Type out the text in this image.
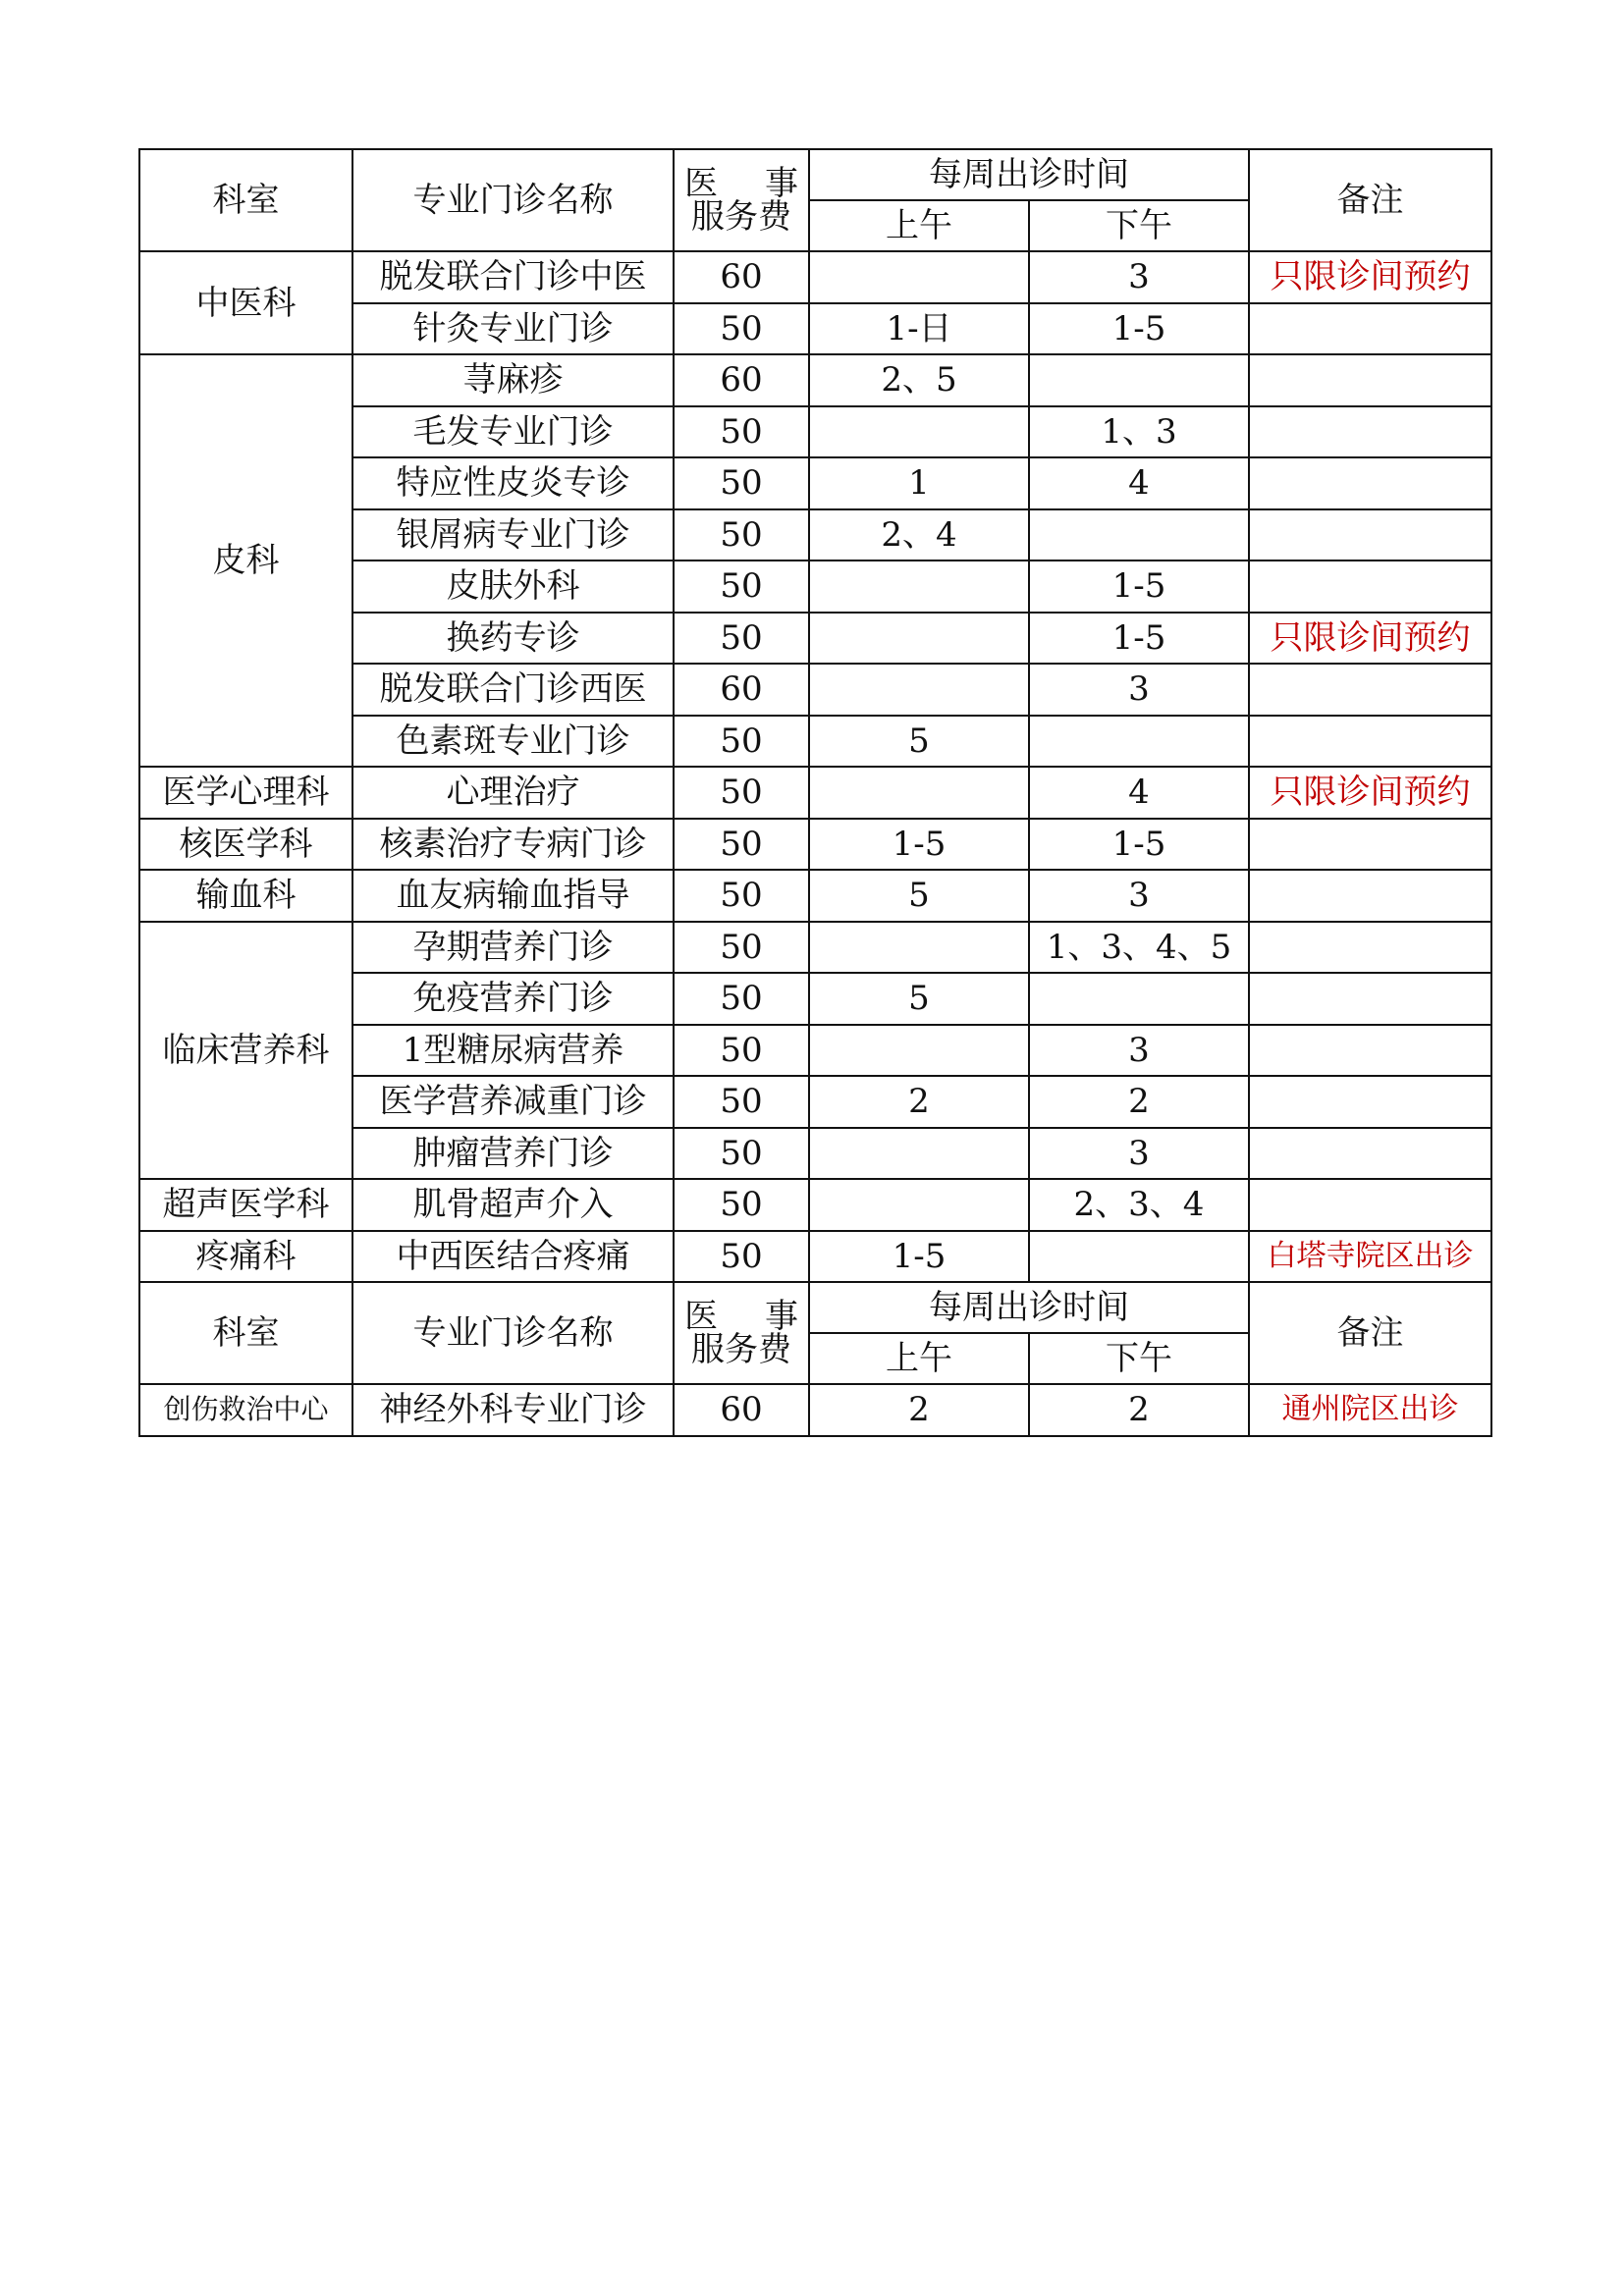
科室	专业门诊名称	医　事
服务费	每周出诊时间		备注
			上午	下午	
中医科	脱发联合门诊中医	60		3	只限诊间预约
	针灸专业门诊	50	1-日	1-5	
皮科	荨麻疹	60	2、5		
	毛发专业门诊	50		1、3	
	特应性皮炎专诊	50	1	4	
	银屑病专业门诊	50	2、4		
	皮肤外科	50		1-5	
	换药专诊	50		1-5	只限诊间预约
	脱发联合门诊西医	60		3	
	色素斑专业门诊	50	5		
医学心理科	心理治疗	50		4	只限诊间预约
核医学科	核素治疗专病门诊	50	1-5	1-5	
输血科	血友病输血指导	50	5	3	
临床营养科	孕期营养门诊	50		1、3、4、5	
	免疫营养门诊	50	5		
	1型糖尿病营养	50		3	
	医学营养减重门诊	50	2	2	
	肿瘤营养门诊	50		3	
超声医学科	肌骨超声介入	50		2、3、4	
疼痛科	中西医结合疼痛	50	1-5		白塔寺院区出诊
科室	专业门诊名称	医　事
服务费	每周出诊时间		备注
			上午	下午	
创伤救治中心	神经外科专业门诊	60	2	2	通州院区出诊
